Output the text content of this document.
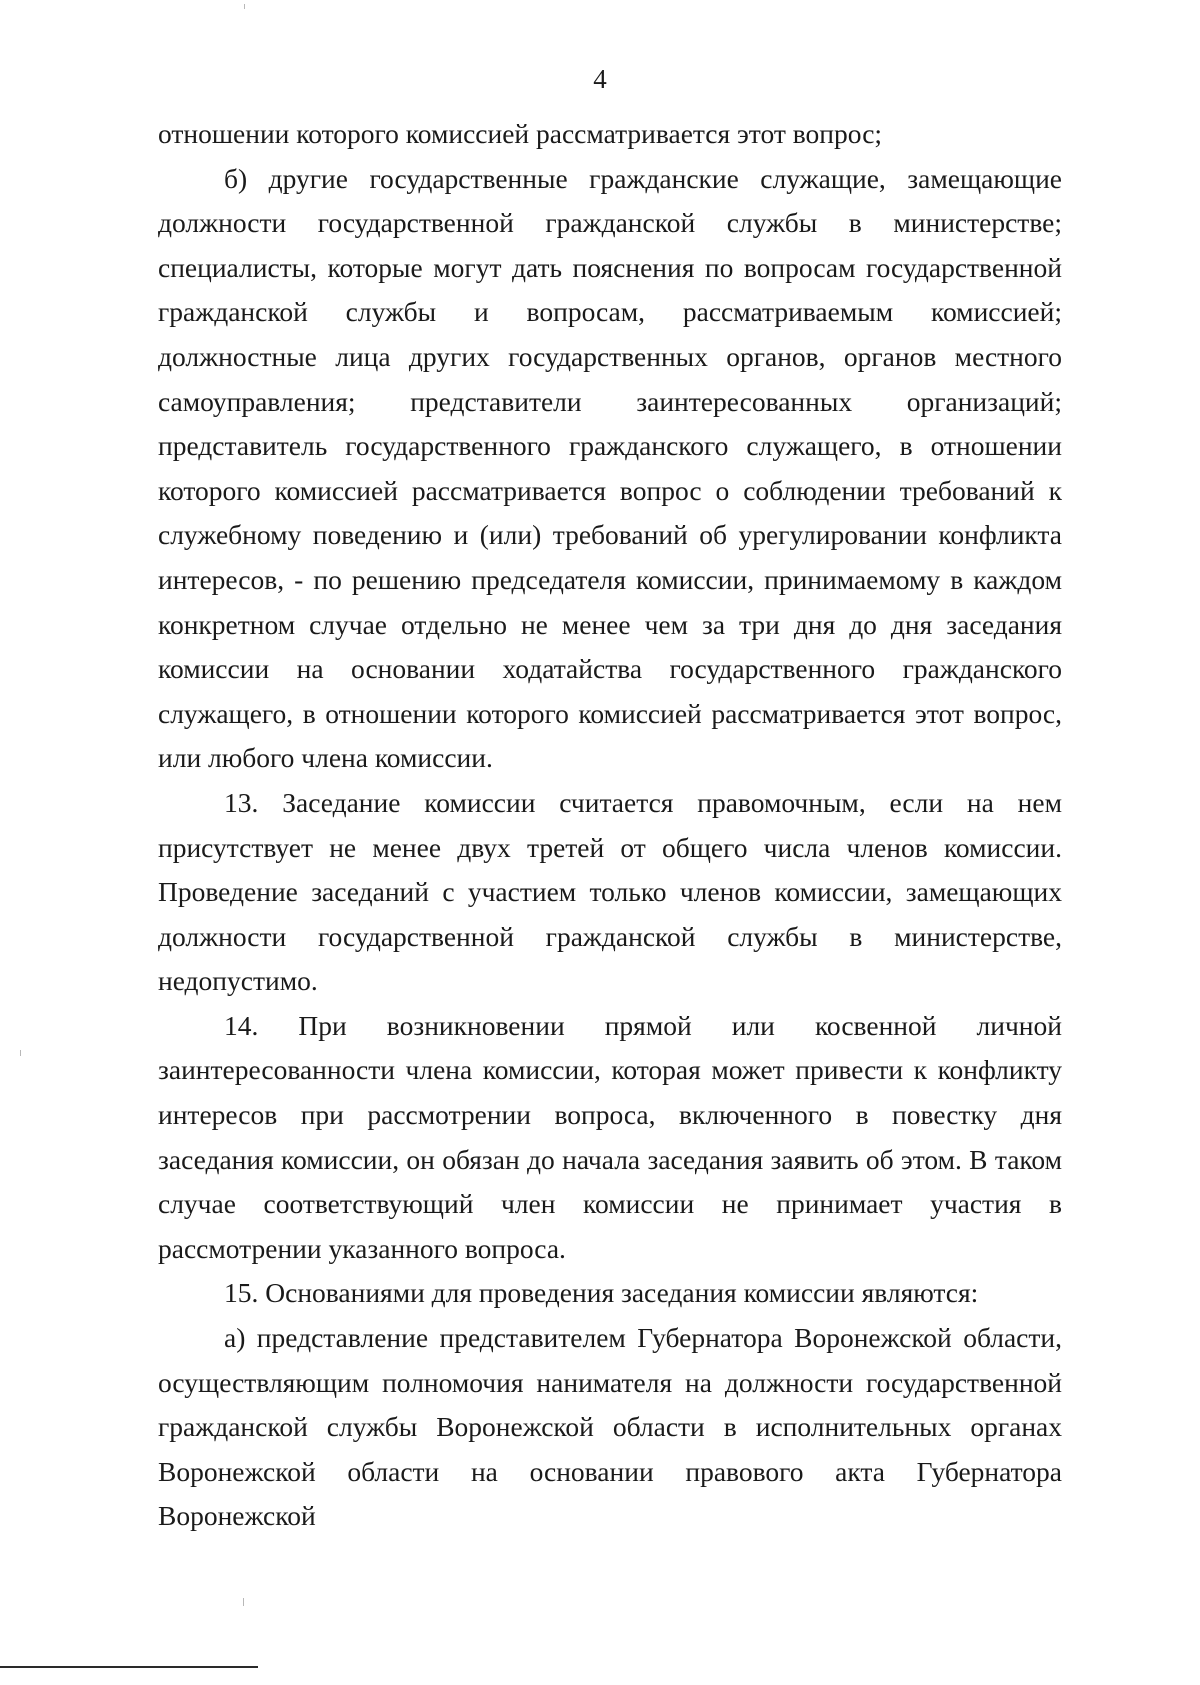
4

отношении которого комиссией рассматривается этот вопрос;

б) другие государственные гражданские служащие, замещающие должности государственной гражданской службы в министерстве; специалисты, которые могут дать пояснения по вопросам государственной гражданской службы и вопросам, рассматриваемым комиссией; должностные лица других государственных органов, органов местного самоуправления; представители заинтересованных организаций; представитель государственного гражданского служащего, в отношении которого комиссией рассматривается вопрос о соблюдении требований к служебному поведению и (или) требований об урегулировании конфликта интересов, - по решению председателя комиссии, принимаемому в каждом конкретном случае отдельно не менее чем за три дня до дня заседания комиссии на основании ходатайства государственного гражданского служащего, в отношении которого комиссией рассматривается этот вопрос, или любого члена комиссии.

13. Заседание комиссии считается правомочным, если на нем присутствует не менее двух третей от общего числа членов комиссии. Проведение заседаний с участием только членов комиссии, замещающих должности государственной гражданской службы в министерстве, недопустимо.

14. При возникновении прямой или косвенной личной заинтересованности члена комиссии, которая может привести к конфликту интересов при рассмотрении вопроса, включенного в повестку дня заседания комиссии, он обязан до начала заседания заявить об этом. В таком случае соответствующий член комиссии не принимает участия в рассмотрении указанного вопроса.

15. Основаниями для проведения заседания комиссии являются:

а) представление представителем Губернатора Воронежской области, осуществляющим полномочия нанимателя на должности государственной гражданской службы Воронежской области в исполнительных органах Воронежской области на основании правового акта Губернатора Воронежской
